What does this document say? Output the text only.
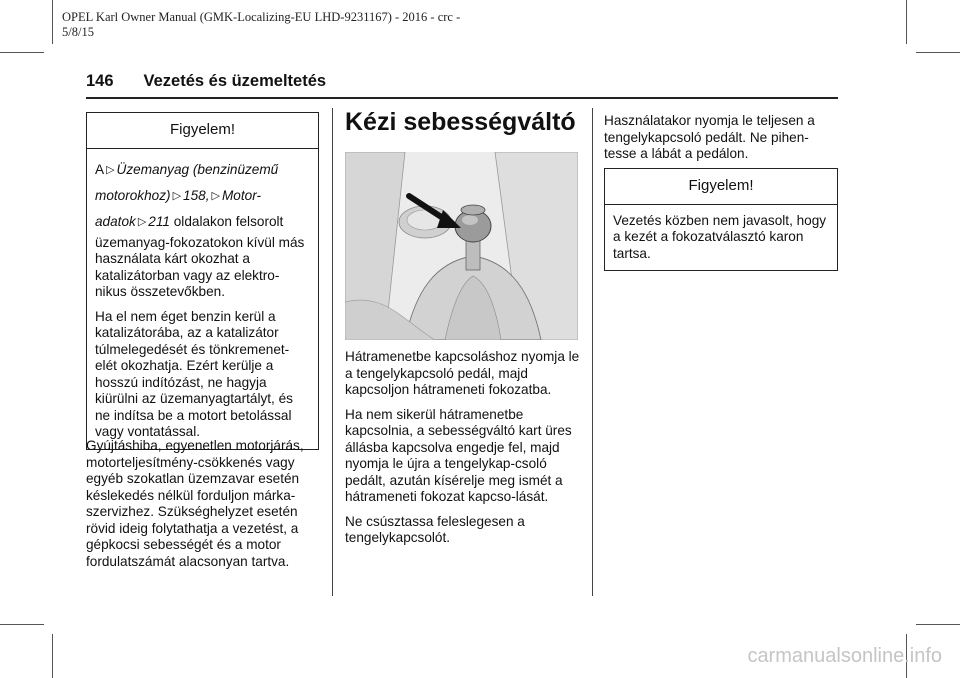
OPEL Karl Owner Manual (GMK-Localizing-EU LHD-9231167) - 2016 - crc -
5/8/15
146 Vezetés és üzemeltetés
Figyelem!
A ▷ Üzemanyag (benzinüzemű
motorokhoz) ▷ 158, ▷ Motor-
adatok ▷ 211 oldalakon felsorolt

üzemanyag-fokozatokon kívül más használata kárt okozhat a katalizátorban vagy az elektro-nikus összetevőkben.

Ha el nem éget benzin kerül a katalizátorába, az a katalizátor túlmelegedését és tönkremenet-elét okozhatja. Ezért kerülje a hosszú indítózást, ne hagyja kiürülni az üzemanyagtartályt, és ne indítsa be a motort betolással vagy vontatással.

Gyújtáshiba, egyenetlen motorjárás, motorteljesítmény-csökkenés vagy egyéb szokatlan üzemzavar esetén késlekedés nélkül forduljon márka-szervizhez. Szükséghelyzet esetén rövid ideig folytathatja a vezetést, a gépkocsi sebességét és a motor fordulatszámát alacsonyan tartva.

Kézi sebességváltó

Hátramenetbe kapcsoláshoz nyomja le a tengelykapcsoló pedál, majd kapcsoljon hátrameneti fokozatba.

Ha nem sikerül hátramenetbe kapcsolnia, a sebességváltó kart üres állásba kapcsolva engedje fel, majd nyomja le újra a tengelykap-csoló pedált, azután kísérelje meg ismét a hátrameneti fokozat kapcso-lását.

Ne csúsztassa feleslegesen a tengelykapcsolót.

Használatakor nyomja le teljesen a tengelykapcsoló pedált. Ne pihen-tesse a lábát a pedálon.

Figyelem!

Vezetés közben nem javasolt, hogy a kezét a fokozatválasztó karon tartsa.

carmanualsonline.info
